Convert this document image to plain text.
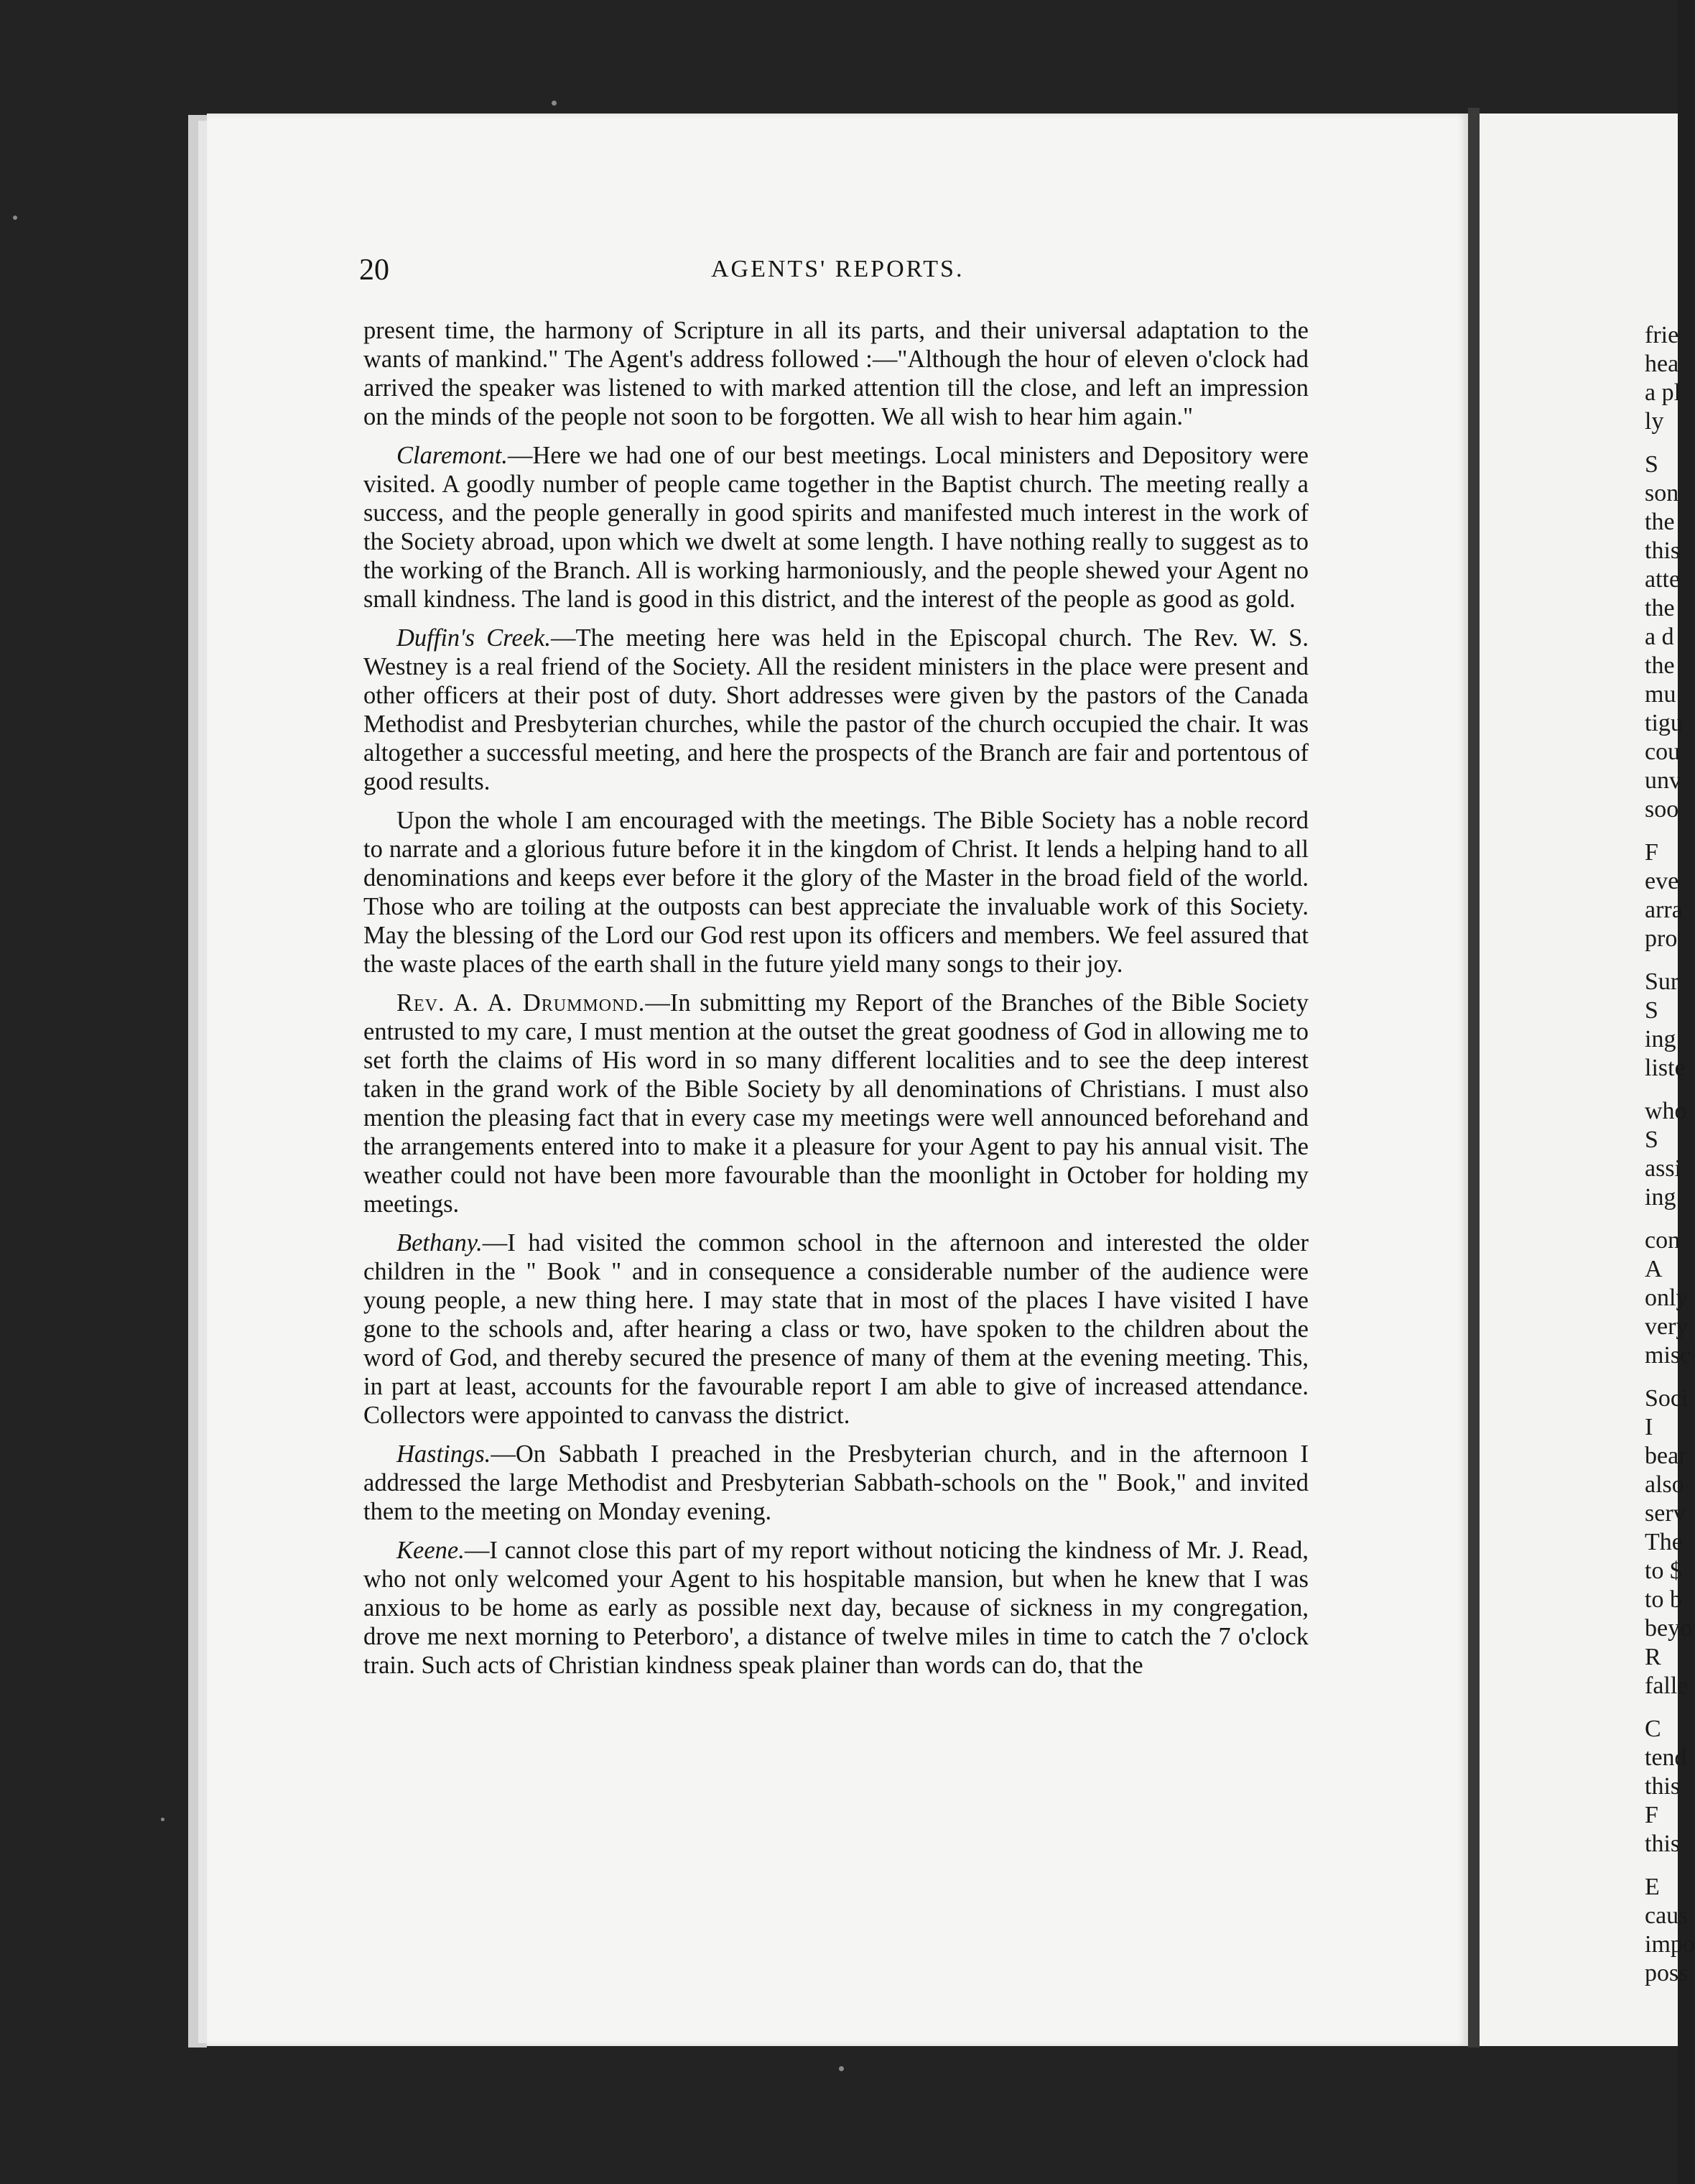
20	AGENTS' REPORTS.

present time, the harmony of Scripture in all its parts, and their universal adaptation to the wants of mankind." The Agent's address followed :—"Although the hour of eleven o'clock had arrived the speaker was listened to with marked attention till the close, and left an impression on the minds of the people not soon to be forgotten. We all wish to hear him again."

Claremont.—Here we had one of our best meetings. Local ministers and Depository were visited. A goodly number of people came together in the Baptist church. The meeting really a success, and the people generally in good spirits and manifested much interest in the work of the Society abroad, upon which we dwelt at some length. I have nothing really to suggest as to the working of the Branch. All is working harmoniously, and the people shewed your Agent no small kindness. The land is good in this district, and the interest of the people as good as gold.

Duffin's Creek.—The meeting here was held in the Episcopal church. The Rev. W. S. Westney is a real friend of the Society. All the resident ministers in the place were present and other officers at their post of duty. Short addresses were given by the pastors of the Canada Methodist and Presbyterian churches, while the pastor of the church occupied the chair. It was altogether a successful meeting, and here the prospects of the Branch are fair and portentous of good results.

Upon the whole I am encouraged with the meetings. The Bible Society has a noble record to narrate and a glorious future before it in the kingdom of Christ. It lends a helping hand to all denominations and keeps ever before it the glory of the Master in the broad field of the world. Those who are toiling at the outposts can best appreciate the invaluable work of this Society. May the blessing of the Lord our God rest upon its officers and members. We feel assured that the waste places of the earth shall in the future yield many songs to their joy.

Rev. A. A. Drummond.—In submitting my Report of the Branches of the Bible Society entrusted to my care, I must mention at the outset the great goodness of God in allowing me to set forth the claims of His word in so many different localities and to see the deep interest taken in the grand work of the Bible Society by all denominations of Christians. I must also mention the pleasing fact that in every case my meetings were well announced beforehand and the arrangements entered into to make it a pleasure for your Agent to pay his annual visit. The weather could not have been more favourable than the moonlight in October for holding my meetings.

Bethany.—I had visited the common school in the afternoon and interested the older children in the " Book " and in consequence a considerable number of the audience were young people, a new thing here. I may state that in most of the places I have visited I have gone to the schools and, after hearing a class or two, have spoken to the children about the word of God, and thereby secured the presence of many of them at the evening meeting. This, in part at least, accounts for the favourable report I am able to give of increased attendance. Collectors were appointed to canvass the district.

Hastings.—On Sabbath I preached in the Presbyterian church, and in the afternoon I addressed the large Methodist and Presbyterian Sabbath-schools on the " Book," and invited them to the meeting on Monday evening.

Keene.—I cannot close this part of my report without noticing the kindness of Mr. J. Read, who not only welcomed your Agent to his hospitable mansion, but when he knew that I was anxious to be home as early as possible next day, because of sickness in my congregation, drove me next morning to Peterboro', a distance of twelve miles in time to catch the 7 o'clock train. Such acts of Christian kindness speak plainer than words can do, that the

frie
hea
a pl
ly
S
son
the
this
atte
the
a d
the
mu
tigu
cou
unv
soo
F
eve
arra
pro
Sur
S
ing
liste
who
S
assi
ing
con
A
only
very
misc
Soci
I
bear
also
serv
The
to $
to b
beyo
R
falle
C
tend
this
F
this
E
caus
impo
poss
